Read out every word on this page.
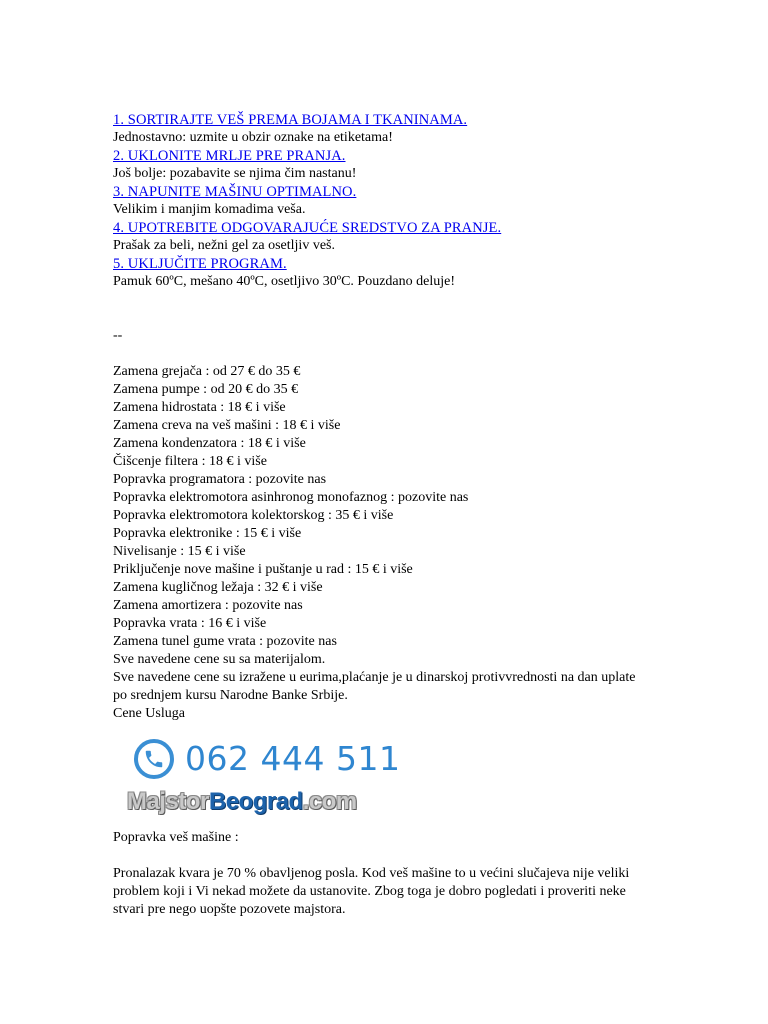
1. SORTIRAJTE VEŠ PREMA BOJAMA I TKANINAMA.
Jednostavno: uzmite u obzir oznake na etiketama!
2. UKLONITE MRLJE PRE PRANJA.
Još bolje: pozabavite se njima čim nastanu!
3. NAPUNITE MAŠINU OPTIMALNO.
Velikim i manjim komadima veša.
4. UPOTREBITE ODGOVARAJUĆE SREDSTVO ZA PRANJE.
Prašak za beli, nežni gel za osetljiv veš.
5. UKLJUČITE PROGRAM.
Pamuk 60ºC, mešano 40ºC, osetljivo 30ºC. Pouzdano deluje!
--
Zamena grejača : od 27 € do 35 €
Zamena pumpe : od 20 € do 35 €
Zamena hidrostata : 18 € i više
Zamena creva na veš mašini : 18 € i više
Zamena kondenzatora : 18 € i više
Čišcenje filtera : 18 € i više
Popravka programatora : pozovite nas
Popravka elektromotora asinhronog monofaznog : pozovite nas
Popravka elektromotora kolektorskog : 35 € i više
Popravka elektronike : 15 € i više
Nivelisanje : 15 € i više
Priključenje nove mašine i puštanje u rad : 15 € i više
Zamena kugličnog ležaja : 32 € i više
Zamena amortizera : pozovite nas
Popravka vrata : 16 € i više
Zamena tunel gume vrata : pozovite nas
Sve navedene cene su sa materijalom.
Sve navedene cene su izražene u eurima,plaćanje je u dinarskoj protivvrednosti na dan uplate po srednjem kursu Narodne Banke Srbije.
Cene Usluga
062 444 511
MajstorBeograd.com
Popravka veš mašine :
Pronalazak kvara je 70 % obavljenog posla. Kod veš mašine to u većini slučajeva nije veliki problem koji i Vi nekad možete da ustanovite. Zbog toga je dobro pogledati i proveriti neke stvari pre nego uopšte pozovete majstora.
